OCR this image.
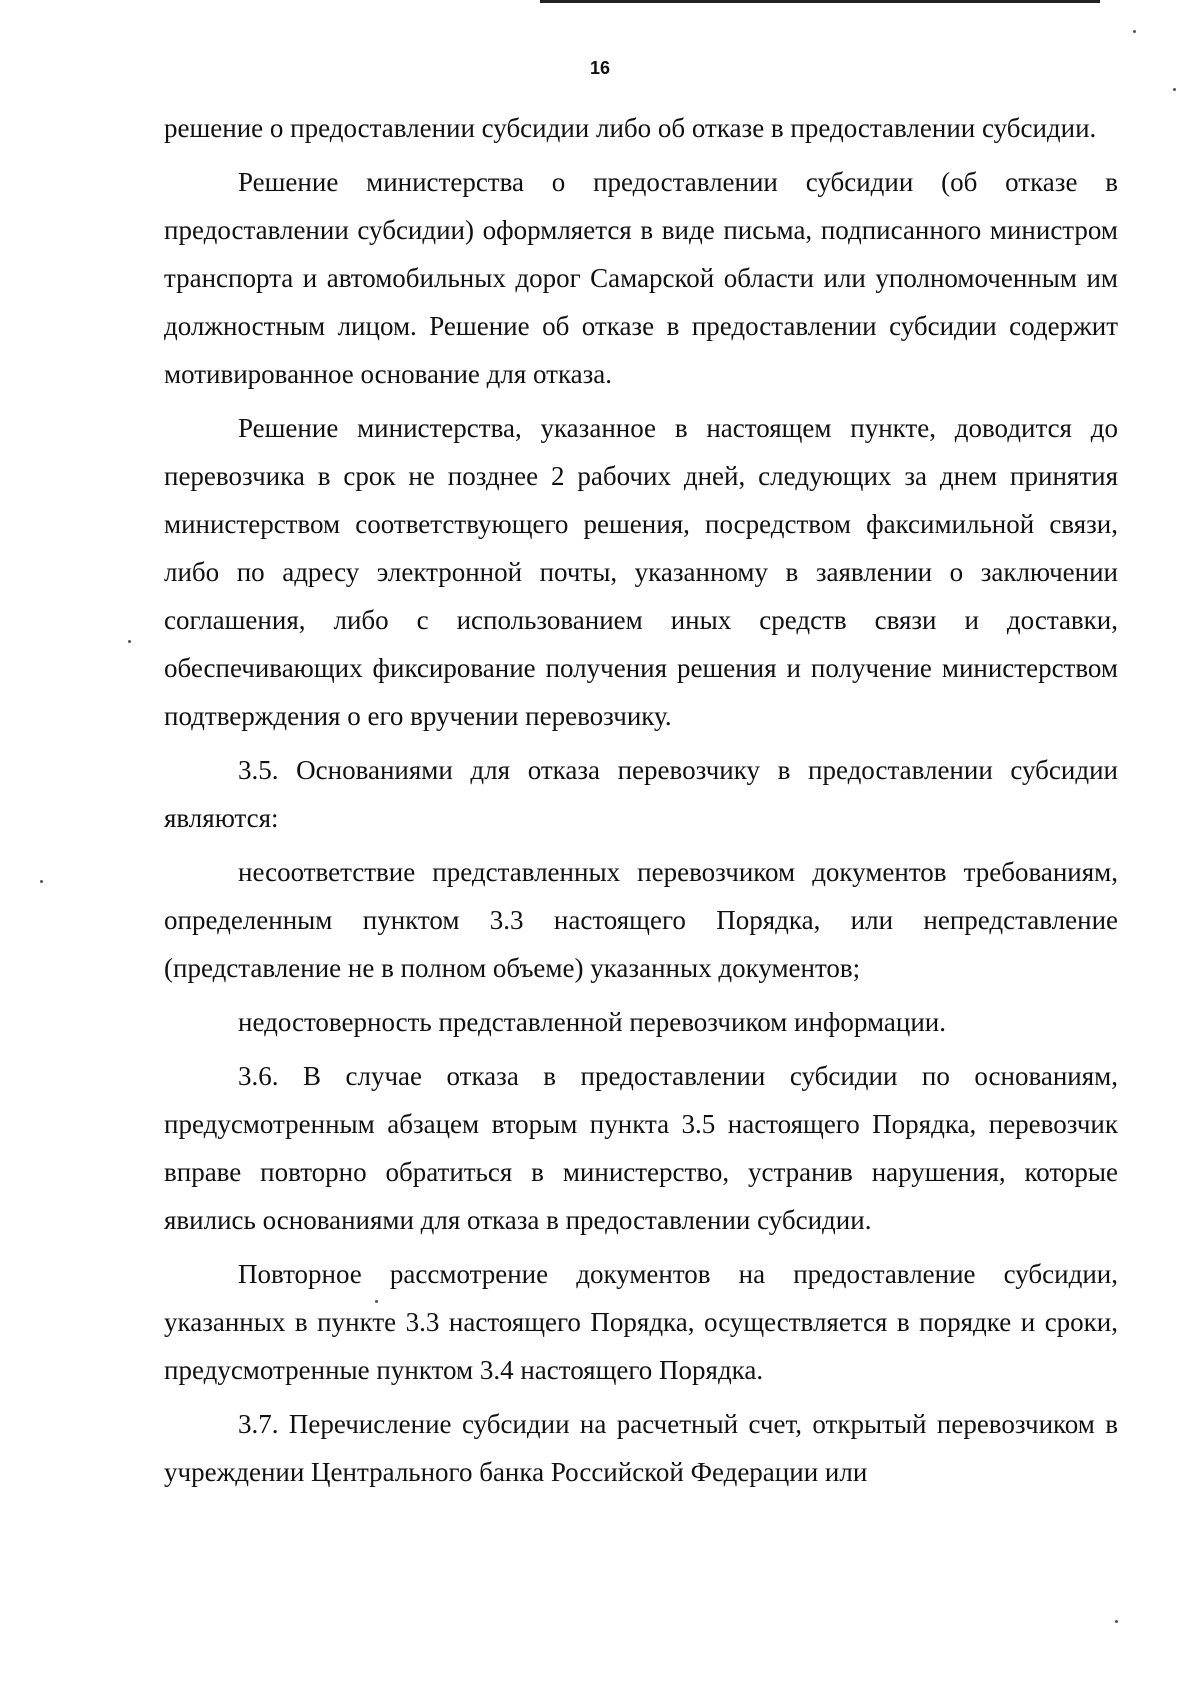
16

решение о предоставлении субсидии либо об отказе в предоставлении субсидии.

Решение министерства о предоставлении субсидии (об отказе в предоставлении субсидии) оформляется в виде письма, подписанного министром транспорта и автомобильных дорог Самарской области или уполномоченным им должностным лицом. Решение об отказе в предоставлении субсидии содержит мотивированное основание для отказа.

Решение министерства, указанное в настоящем пункте, доводится до перевозчика в срок не позднее 2 рабочих дней, следующих за днем принятия министерством соответствующего решения, посредством факсимильной связи, либо по адресу электронной почты, указанному в заявлении о заключении соглашения, либо с использованием иных средств связи и доставки, обеспечивающих фиксирование получения решения и получение министерством подтверждения о его вручении перевозчику.

3.5. Основаниями для отказа перевозчику в предоставлении субсидии являются:

несоответствие представленных перевозчиком документов требованиям, определенным пунктом 3.3 настоящего Порядка, или непредставление (представление не в полном объеме) указанных документов;

недостоверность представленной перевозчиком информации.

3.6. В случае отказа в предоставлении субсидии по основаниям, предусмотренным абзацем вторым пункта 3.5 настоящего Порядка, перевозчик вправе повторно обратиться в министерство, устранив нарушения, которые явились основаниями для отказа в предоставлении субсидии.

Повторное рассмотрение документов на предоставление субсидии, указанных в пункте 3.3 настоящего Порядка, осуществляется в порядке и сроки, предусмотренные пунктом 3.4 настоящего Порядка.

3.7. Перечисление субсидии на расчетный счет, открытый перевозчиком в учреждении Центрального банка Российской Федерации или
